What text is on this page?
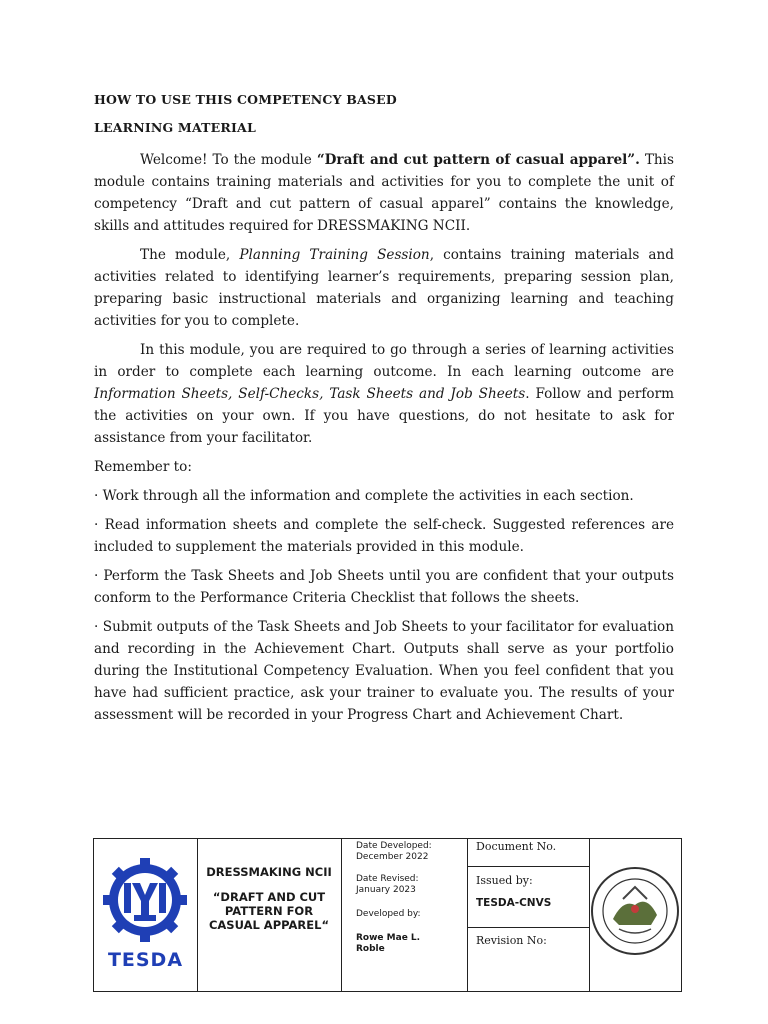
HOW TO USE THIS COMPETENCY BASED
LEARNING MATERIAL

Welcome! To the module “Draft and cut pattern of casual apparel”. This module contains training materials and activities for you to complete the unit of competency “Draft and cut pattern of casual apparel” contains the knowledge, skills and attitudes required for DRESSMAKING NCII.

The module, Planning Training Session, contains training materials and activities related to identifying learner’s requirements, preparing session plan, preparing basic instructional materials and organizing learning and teaching activities for you to complete.

In this module, you are required to go through a series of learning activities in order to complete each learning outcome. In each learning outcome are Information Sheets, Self-Checks, Task Sheets and Job Sheets. Follow and perform the activities on your own. If you have questions, do not hesitate to ask for assistance from your facilitator.

Remember to:

· Work through all the information and complete the activities in each section.

· Read information sheets and complete the self-check. Suggested references are included to supplement the materials provided in this module.

· Perform the Task Sheets and Job Sheets until you are confident that your outputs conform to the Performance Criteria Checklist that follows the sheets.

· Submit outputs of the Task Sheets and Job Sheets to your facilitator for evaluation and recording in the Achievement Chart. Outputs shall serve as your portfolio during the Institutional Competency Evaluation. When you feel confident that you have had sufficient practice, ask your trainer to evaluate you. The results of your assessment will be recorded in your Progress Chart and Achievement Chart.

TESDA
DRESSMAKING NCII
“DRAFT AND CUT PATTERN FOR CASUAL APPAREL“
Date Developed:
December 2022
Date Revised:
January 2023
Developed by:
Rowe Mae L. Roble
Document No.
Issued by:
TESDA-CNVS
Revision No:
